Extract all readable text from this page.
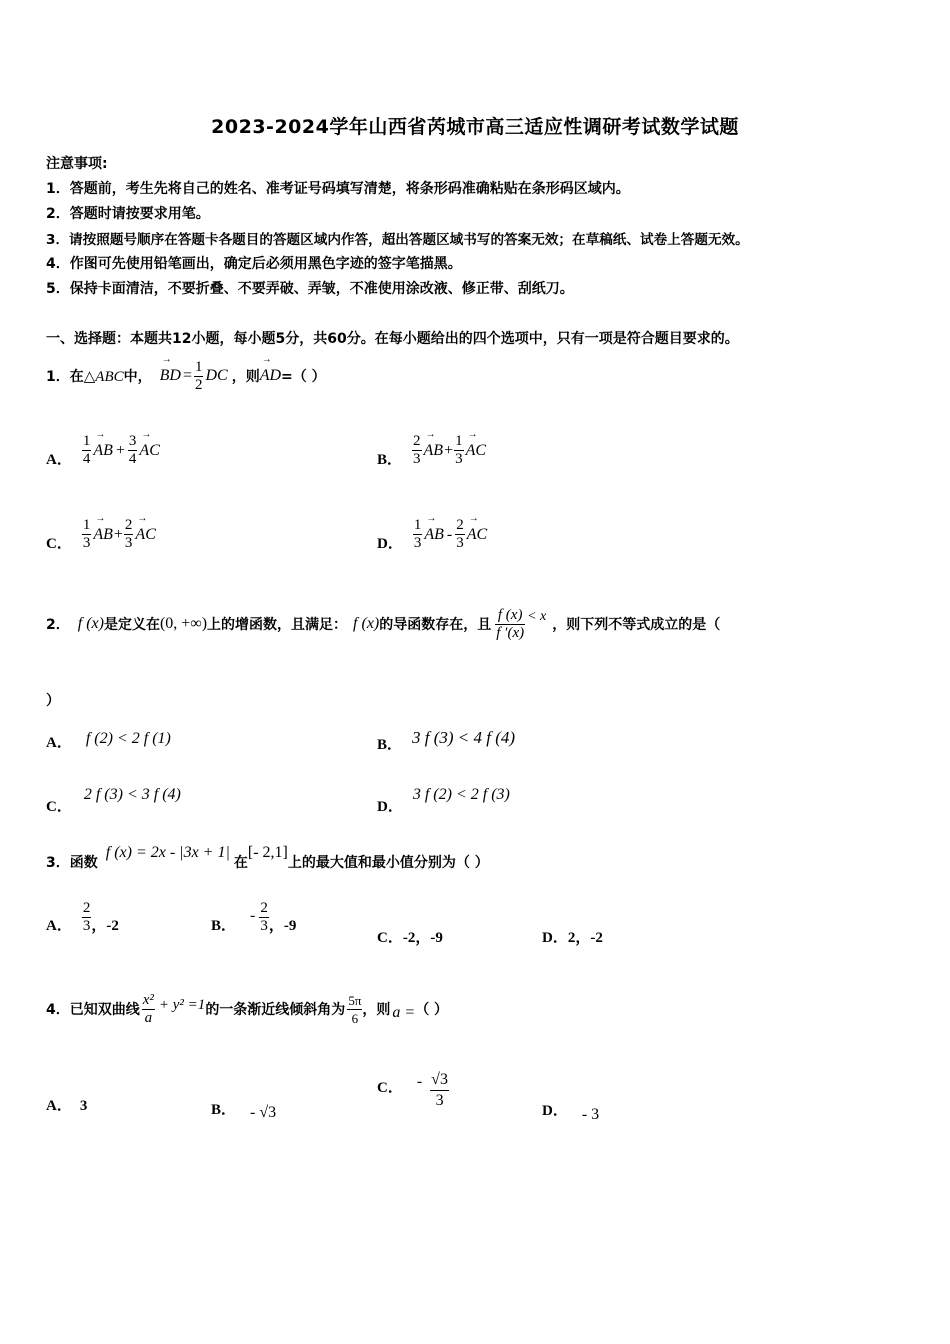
2023-2024学年山西省芮城市高三适应性调研考试数学试题
注意事项:
1．答题前，考生先将自己的姓名、准考证号码填写清楚，将条形码准确粘贴在条形码区域内。
2．答题时请按要求用笔。
3．请按照题号顺序在答题卡各题目的答题区域内作答，超出答题区域书写的答案无效；在草稿纸、试卷上答题无效。
4．作图可先使用铅笔画出，确定后必须用黑色字迹的签字笔描黑。
5．保持卡面清洁，不要折叠、不要弄破、弄皱，不准使用涂改液、修正带、刮纸刀。
一、选择题：本题共12小题，每小题5分，共60分。在每小题给出的四个选项中，只有一项是符合题目要求的。
1．在 △ABC 中， → BD = $\frac{1}{2}$ DC ，则 → AD =（ ）
A． $\frac{1}{4}$ → AB + $\frac{3}{4}$ → AC
B． $\frac{2}{3}$ → AB + $\frac{1}{3}$ → AC
C． $\frac{1}{3}$ → AB + $\frac{2}{3}$ → AC
D． $\frac{1}{3}$ → AB - $\frac{2}{3}$ → AC
2． f (x) 是定义在 (0, +∞) 上的增函数，且满足： f (x) 的导函数存在，且 $\frac{f (x)}{f '(x)} < x$
，则下列不等式成立的是（
）
A． f (2) < 2 f (1)	B． 3 f (3) < 4 f (4)
C．
2 f (3) < 3 f (4)
D．
3 f (2) < 2 f (3)
3．函数
f (x) = 2x - |3x + 1|
在
[- 2,1]
上的最大值和最小值分别为（ ）
A． $\frac{2}{3}$ ，-2	B．
- $\frac{2}{3}$ ，-9
C．-2，-9	D．2，-2
4．已知双曲线 $\frac{\text{x²}}{a} + y^2 =1$ 的一条渐近线倾斜角为 $\frac{5\pi}{6}$ ，则 a = （ ）
A． 3	B． - √3
C． - $\frac{√3}{3}$	D． - 3
